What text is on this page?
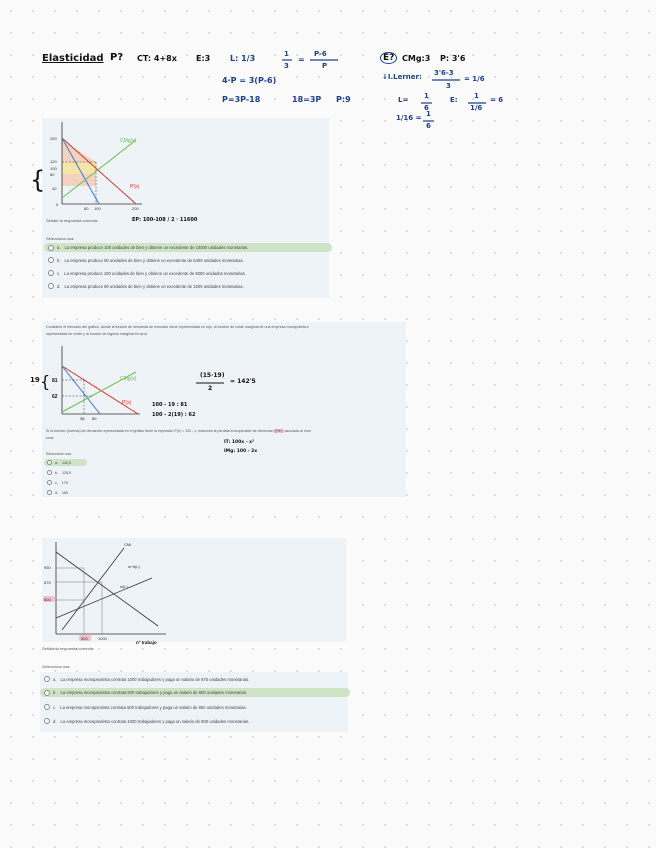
Elasticidad P? CT: 4+8x E:3 L: 1/3	1
3
=
P-6
P
4·P = 3(P-6)
P=3P-18	18=3P P:9
E? CMg:3 P: 3'6
↓I.Lerner: 3'6-3
3
= 1/6
L= 1
6
E: 1
1/6
= 6
1/16 = 1
6
200
120
100
80
40
0
80 100	200
CMg(x)
P(x)
{
Señale la respuesta correcta:	EP: 100-108 / 2 · 11600
Selecciona una:
a. La empresa produce 100 unidades de bien y obtiene un excedente de 10000 unidades monetarias.
b. La empresa produce 80 unidades de bien y obtiene un excedente de 6400 unidades monetarias.
c. La empresa produce 100 unidades de bien y obtiene un excedente de 5000 unidades monetarias.
d. La empresa produce 80 unidades de bien y obtiene un excedente de 3200 unidades monetarias.
Considere el mercado del gráfico, donde la función de demanda de mercado viene representada en rojo, la función de coste marginal de una empresa monopolista e
representada en verde y la función de ingreso marginal en azul.
81
62
CMg(x)
P(x)
38 50
19 {	(15·19)
2
= 142'5
100 - 19 : 81
100 - 2(19) : 62
Si la función (inversa) de demanda representada en el gráfico tiene la expresión P(x) = 100 - x, entonces la pérdida irrecuperable de eficiencia (PIE) asociada al mon
será:
IT: 100x - x²
IMg: 100 - 2x
Seleccione una:
a. 142,5
b. 128,5
c. 175
d. 160
CMl
w^d(L)
w(L)
950
875
800
500	1000
nº trabajo
Señale la respuesta correcta:
Selecciona una:
a. La empresa monopsonista contrata 1000 trabajadores y paga un salario de 875 unidades monetarias.
b. La empresa monopsonista contrata 500 trabajadores y paga un salario de 800 unidades monetarias.
c. La empresa monopsonista contrata 500 trabajadores y paga un salario de 950 unidades monetarias.
d. La empresa monopsonista contrata 1000 trabajadores y paga un salario de 800 unidades monetarias.
